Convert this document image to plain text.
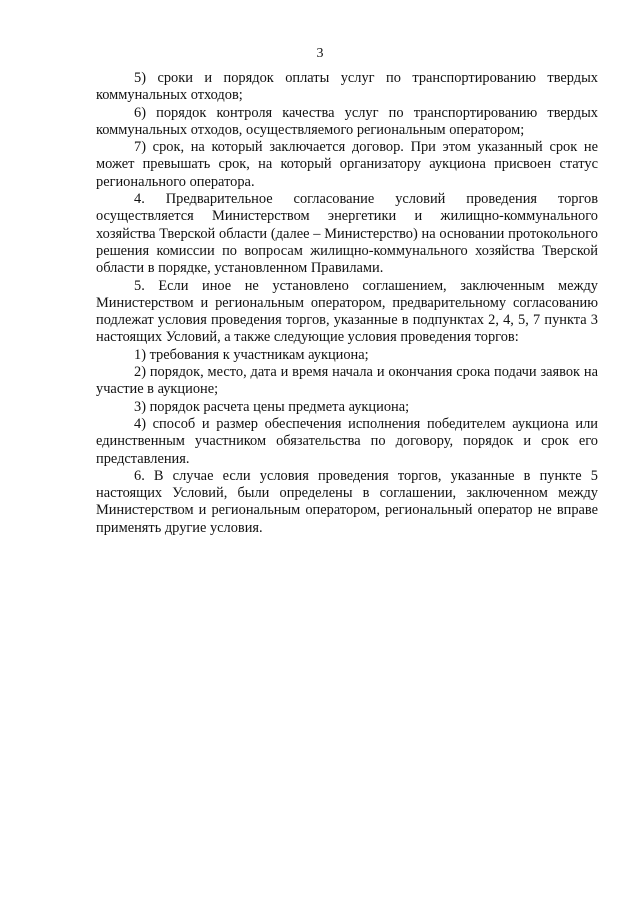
3

5) сроки и порядок оплаты услуг по транспортированию твердых коммунальных отходов;

6) порядок контроля качества услуг по транспортированию твердых коммунальных отходов, осуществляемого региональным оператором;

7) срок, на который заключается договор. При этом указанный срок не может превышать срок, на который организатору аукциона присвоен статус регионального оператора.

4. Предварительное согласование условий проведения торгов осуществляется Министерством энергетики и жилищно-коммунального хозяйства Тверской области (далее – Министерство) на основании протокольного решения комиссии по вопросам жилищно-коммунального хозяйства Тверской области в порядке, установленном Правилами.

5. Если иное не установлено соглашением, заключенным между Министерством и региональным оператором, предварительному согласованию подлежат условия проведения торгов, указанные в подпунктах 2, 4, 5, 7 пункта 3 настоящих Условий, а также следующие условия проведения торгов:

1) требования к участникам аукциона;

2) порядок, место, дата и время начала и окончания срока подачи заявок на участие в аукционе;

3) порядок расчета цены предмета аукциона;

4) способ и размер обеспечения исполнения победителем аукциона или единственным участником обязательства по договору, порядок и срок его представления.

6. В случае если условия проведения торгов, указанные в пункте 5 настоящих Условий, были определены в соглашении, заключенном между Министерством и региональным оператором, региональный оператор не вправе применять другие условия.
